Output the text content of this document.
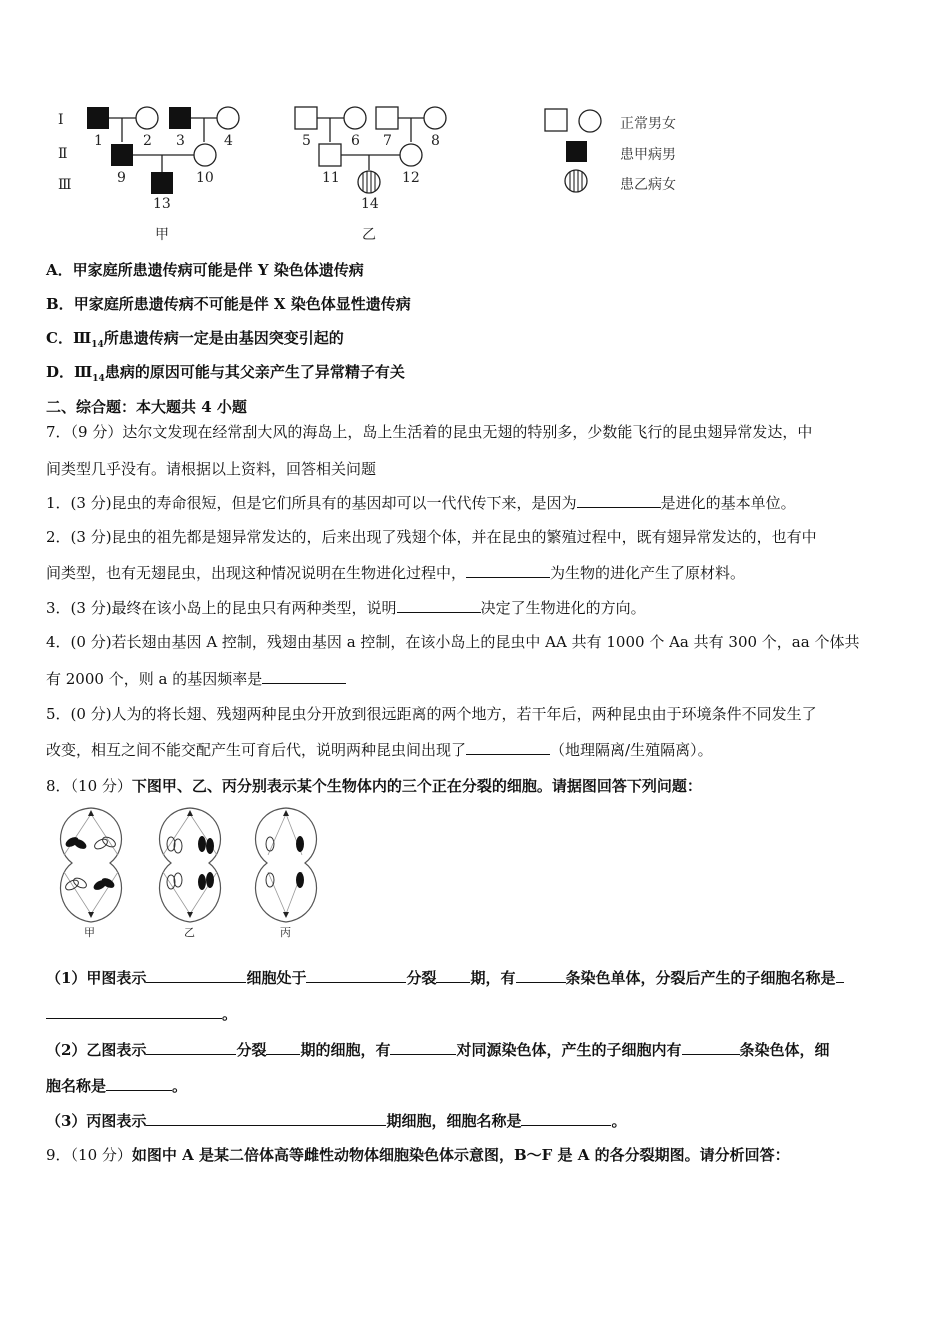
Ⅰ
Ⅱ
Ⅲ
1	2 3	4
9	10
13
5	6 7	8
11	12
14
甲	乙
正常男女
患甲病男
患乙病女
A．甲家庭所患遗传病可能是伴 Y 染色体遗传病
B．甲家庭所患遗传病不可能是伴 X 染色体显性遗传病
C．$Ⅲ_{14}$所患遗传病一定是由基因突变引起的
D．$Ⅲ_{14}$患病的原因可能与其父亲产生了异常精子有关
二、综合题：本大题共 4 小题
7．（9 分）达尔文发现在经常刮大风的海岛上，岛上生活着的昆虫无翅的特别多，少数能飞行的昆虫翅异常发达，中
间类型几乎没有。请根据以上资料，回答相关问题
1．(3 分)昆虫的寿命很短，但是它们所具有的基因却可以一代代传下来，是因为	是进化的基本单位。
2．(3 分)昆虫的祖先都是翅异常发达的，后来出现了残翅个体，并在昆虫的繁殖过程中，既有翅异常发达的，也有中
间类型，也有无翅昆虫，出现这种情况说明在生物进化过程中，	为生物的进化产生了原材料。
3．(3 分)最终在该小岛上的昆虫只有两种类型，说明	决定了生物进化的方向。
4．(0 分)若长翅由基因 A 控制，残翅由基因 a 控制，在该小岛上的昆虫中 AA 共有 1000 个 Aa 共有 300 个，aa 个体共
有 2000 个，则 a 的基因频率是
5．(0 分)人为的将长翅、残翅两种昆虫分开放到很远距离的两个地方，若干年后，两种昆虫由于环境条件不同发生了
改变，相互之间不能交配产生可育后代，说明两种昆虫间出现了	（地理隔离/生殖隔离）。
8．（10 分）下图甲、乙、丙分别表示某个生物体内的三个正在分裂的细胞。请据图回答下列问题：
甲	乙	丙
（1）甲图表示	细胞处于	分裂 期，有	条染色单体，分裂后产生的子细胞名称是
。
（2）乙图表示	分裂 期的细胞，有	对同源染色体，产生的子细胞内有	条染色体，细
胞名称是	。
（3）丙图表示	期细胞，细胞名称是	。
9．（10 分）如图中 A 是某二倍体高等雌性动物体细胞染色体示意图，B～F 是 A 的各分裂期图。请分析回答：
